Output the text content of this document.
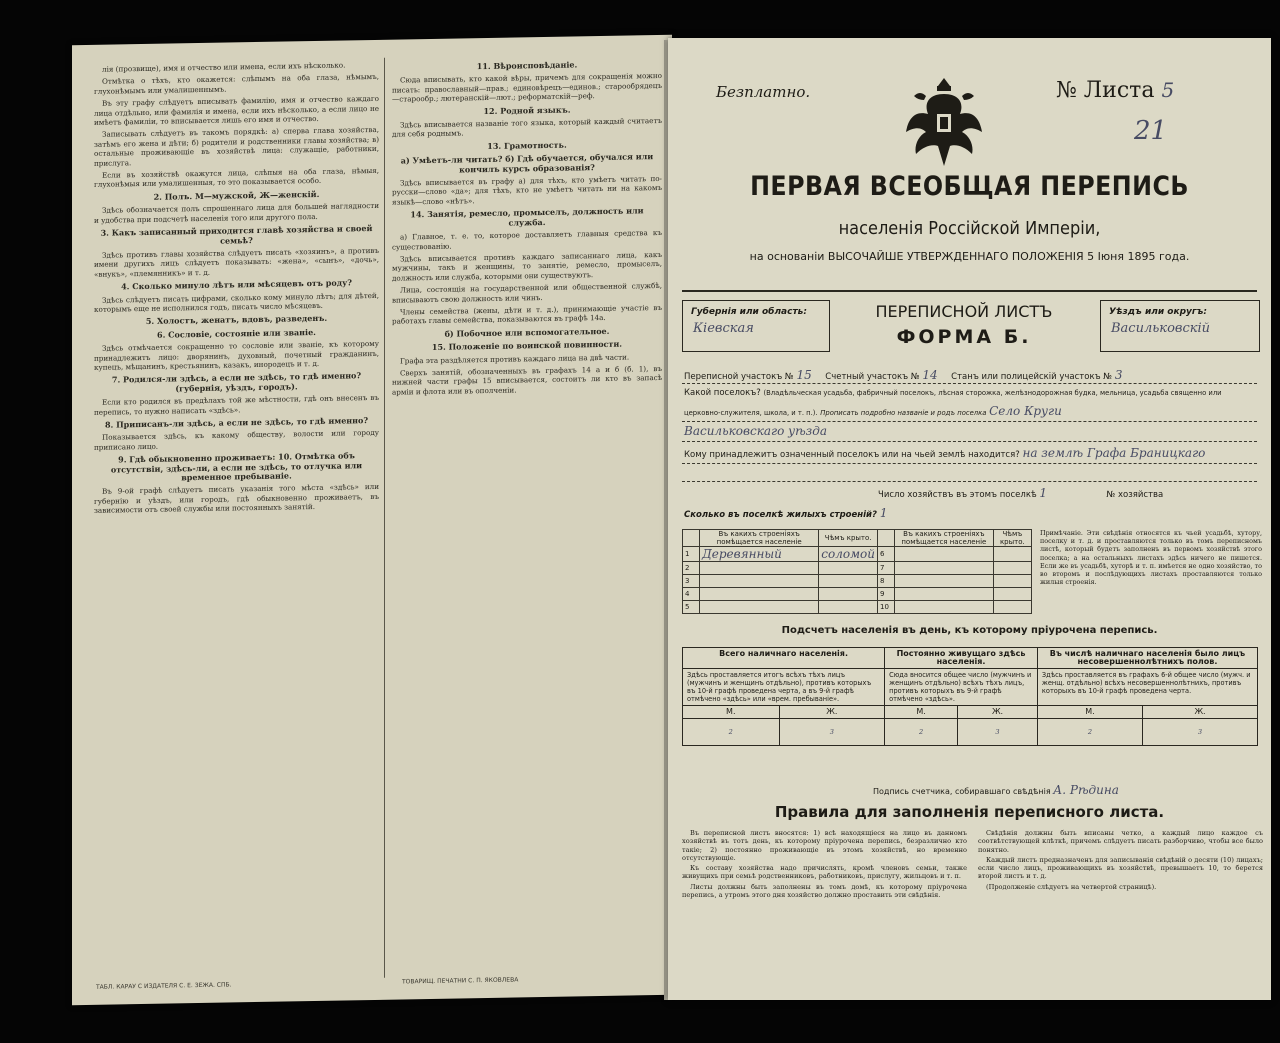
лія (прозвище), имя и отчество или имена, если ихъ нѣсколько.

Отмѣтка о тѣхъ, кто окажется: слѣпымъ на оба глаза, нѣмымъ, глухонѣмымъ или умалишеннымъ.

Въ эту графу слѣдуетъ вписывать фамилію, имя и отчество каждаго лица отдѣльно, или фамилія и имена, если ихъ нѣсколько, а если лицо не имѣетъ фамиліи, то вписывается лишь его имя и отчество.

Записывать слѣдуетъ въ такомъ порядкѣ: а) сперва глава хозяйства, затѣмъ его жена и дѣти; б) родители и родственники главы хозяйства; в) остальные проживающіе въ хозяйствѣ лица: служащіе, работники, прислуга.

Если въ хозяйствѣ окажутся лица, слѣпыя на оба глаза, нѣмыя, глухонѣмыя или умалишенныя, то это показывается особо.

2. Полъ. М—мужской, Ж—женскій.

Здѣсь обозначается полъ спрошеннаго лица для большей наглядности и удобства при подсчетѣ населенія того или другого пола.

3. Какъ записанный приходится главѣ хозяйства и своей семьѣ?

Здѣсь противъ главы хозяйства слѣдуетъ писать «хозяинъ», а противъ имени другихъ лицъ слѣдуетъ показывать: «жена», «сынъ», «дочь», «внукъ», «племянникъ» и т. д.

4. Сколько минуло лѣтъ или мѣсяцевъ отъ роду?

Здѣсь слѣдуетъ писать цифрами, сколько кому минуло лѣтъ; для дѣтей, которымъ еще не исполнился годъ, писать число мѣсяцевъ.

5. Холостъ, женатъ, вдовъ, разведенъ.

6. Сословіе, состояніе или званіе.

Здѣсь отмѣчается сокращенно то сословіе или званіе, къ которому принадлежитъ лицо: дворянинъ, духовный, почетный гражданинъ, купецъ, мѣщанинъ, крестьянинъ, казакъ, инородецъ и т. д.

7. Родился-ли здѣсь, а если не здѣсь, то гдѣ именно? (губернія, уѣздъ, городъ).

Если кто родился въ предѣлахъ той же мѣстности, гдѣ онъ внесенъ въ перепись, то нужно написать «здѣсь».

8. Приписанъ-ли здѣсь, а если не здѣсь, то гдѣ именно?

Показывается здѣсь, къ какому обществу, волости или городу приписано лицо.

9. Гдѣ обыкновенно проживаетъ: 10. Отмѣтка объ отсутствіи, здѣсь-ли, а если не здѣсь, то отлучка или временное пребываніе.

Въ 9-ой графѣ слѣдуетъ писать указанія того мѣста «здѣсь» или губернію и уѣздъ, или городъ, гдѣ обыкновенно проживаетъ, въ зависимости отъ своей службы или постоянныхъ занятій.

11. Вѣроисповѣданіе.

Сюда вписывать, кто какой вѣры, причемъ для сокращенія можно писать: православный—прав.; единовѣрецъ—единов.; старообрядецъ—старообр.; лютеранскій—лют.; реформатскій—реф.

12. Родной языкъ.

Здѣсь вписывается названіе того языка, который каждый считаетъ для себя роднымъ.

13. Грамотность.

а) Умѣетъ-ли читать? б) Гдѣ обучается, обучался или кончилъ курсъ образованія?

Здѣсь вписывается въ графу а) для тѣхъ, кто умѣетъ читать по-русски—слово «да»; для тѣхъ, кто не умѣетъ читать ни на какомъ языкѣ—слово «нѣтъ».

14. Занятія, ремесло, промыселъ, должность или служба.

а) Главное, т. е. то, которое доставляетъ главныя средства къ существованію.

Здѣсь вписывается противъ каждаго записаннаго лица, какъ мужчины, такъ и женщины, то занятіе, ремесло, промыселъ, должность или служба, которыми они существуютъ.

Лица, состоящія на государственной или общественной службѣ, вписываютъ свою должность или чинъ.

Члены семейства (жены, дѣти и т. д.), принимающіе участіе въ работахъ главы семейства, показываются въ графѣ 14а.

б) Побочное или вспомогательное.

15. Положеніе по воинской повинности.

Графа эта раздѣляется противъ каждаго лица на двѣ части.

Сверхъ занятій, обозначенныхъ въ графахъ 14 а и б (б. 1), въ нижней части графы 15 вписывается, состоитъ ли кто въ запасѣ арміи и флота или въ ополченіи.

ТАБЛ. КАРАУ С ИЗДАТЕЛЯ С. Е. ЗЕЖА. СПБ.
ТОВАРИЩ. ПЕЧАТНИ С. П. ЯКОВЛЕВА
Безплатно.	№ Листа 5
21
ПЕРВАЯ ВСЕОБЩАЯ ПЕРЕПИСЬ
населенія Россійской Имперіи,
на основаніи ВЫСОЧАЙШЕ УТВЕРЖДЕННАГО ПОЛОЖЕНІЯ 5 Іюня 1895 года.
Губернія или область:
Кіевская
ПЕРЕПИСНОЙ ЛИСТЪ
ФОРМА Б.
Уѣздъ или округъ:
Васильковскій
Переписной участокъ № 15 Счетный участокъ № 14 Станъ или полицейскій участокъ № 3
Какой поселокъ? (Владѣльческая усадьба, фабричный поселокъ, лѣсная сторожка, желѣзнодорожная будка, мельница, усадьба священно или
церковно-служителя, школа, и т. п.). Прописать подробно названіе и родъ поселка Село Круги
Васильковскаго уѣзда
Кому принадлежитъ означенный поселокъ или на чьей землѣ находится? на землѣ Графа Браницкаго
Число хозяйствъ въ этомъ поселкѣ 1	№ хозяйства
Сколько въ поселкѣ жилыхъ строеній? 1
	Въ какихъ строеніяхъ помѣщается населеніе	Чѣмъ крыто.		Въ какихъ строеніяхъ помѣщается населеніе	Чѣмъ крыто.
1	Деревянный	соломой	6		
2			7		
3			8		
4			9		
5			10		
Примѣчаніе. Эти свѣдѣнія относятся къ чьей усадьбѣ, хутору, поселку и т. д. и проставляются только въ томъ переписномъ листѣ, который будетъ заполненъ въ первомъ хозяйствѣ этого поселка; а на остальныхъ листахъ здѣсь ничего не пишется. Если же въ усадьбѣ, хуторѣ и т. п. имѣется не одно хозяйство, то во второмъ и послѣдующихъ листахъ проставляются только жилыя строенія.
Подсчетъ населенія въ день, къ которому пріурочена перепись.
Всего наличнаго населенія.		Постоянно живущаго здѣсь населенія.		Въ числѣ наличнаго населенія было лицъ несовершеннолѣтнихъ полов.	
Здѣсь проставляется итогъ всѣхъ тѣхъ лицъ (мужчинъ и женщинъ отдѣльно), противъ которыхъ въ 10-й графѣ проведена черта, а въ 9-й графѣ отмѣчено «здѣсь» или «врем. пребываніе».		Сюда вносится общее число (мужчинъ и женщинъ отдѣльно) всѣхъ тѣхъ лицъ, противъ которыхъ въ 9-й графѣ отмѣчено «здѣсь».		Здѣсь проставляется въ графахъ 6-й общее число (мужч. и женщ. отдѣльно) всѣхъ несовершеннолѣтнихъ, противъ которыхъ въ 10-й графѣ проведена черта.	
М.	Ж.	М.	Ж.	М.	Ж.
2	3	2	3	2	3
Подпись счетчика, собиравшаго свѣдѣнія А. Рѣдина
Правила для заполненія переписного листа.

Въ переписной листъ вносятся: 1) всѣ находящіеся на лицо въ данномъ хозяйствѣ въ тотъ день, къ которому пріурочена перепись, безразлично кто такіе; 2) постоянно проживающіе въ этомъ хозяйствѣ, но временно отсутствующіе.

Къ составу хозяйства надо причислять, кромѣ членовъ семьи, также живущихъ при семьѣ родственниковъ, работниковъ, прислугу, жильцовъ и т. п.

Листы должны быть заполнены въ томъ домѣ, къ которому пріурочена перепись, а утромъ этого дня хозяйство должно проставить эти свѣдѣнія.

Свѣдѣнія должны быть вписаны четко, а каждый лицо каждое съ соотвѣтствующей клѣткѣ, причемъ слѣдуетъ писать разборчиво, чтобы все было понятно.

Каждый листъ предназначенъ для записыванія свѣдѣній о десяти (10) лицахъ; если число лицъ, проживающихъ въ хозяйствѣ, превышаетъ 10, то берется второй листъ и т. д.

(Продолженіе слѣдуетъ на четвертой страницѣ).
